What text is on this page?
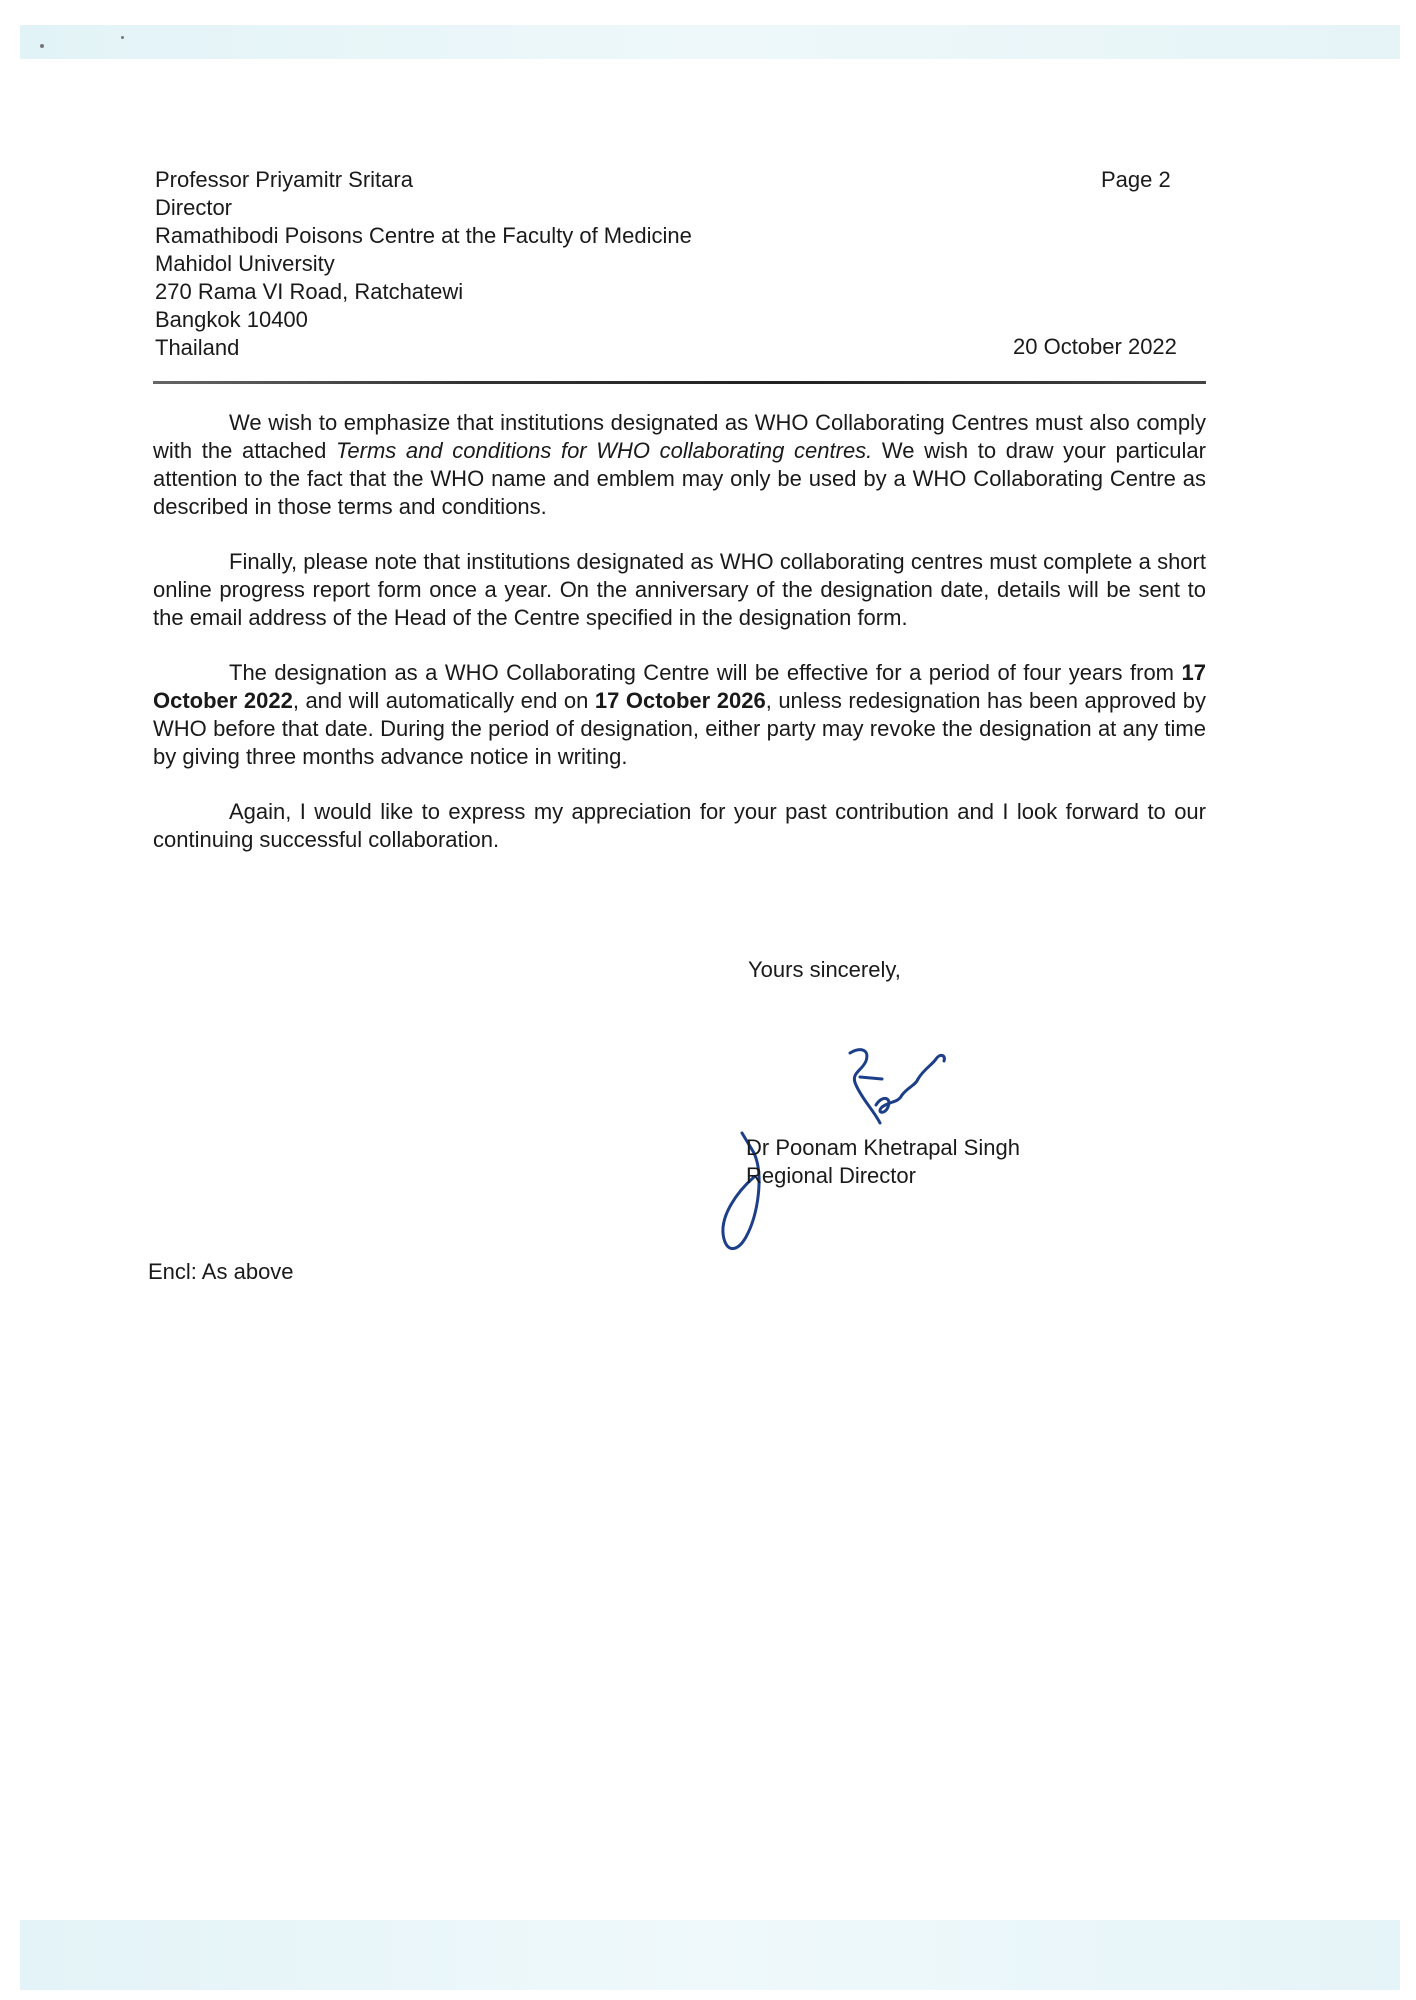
Professor Priyamitr Sritara
Director
Ramathibodi Poisons Centre at the Faculty of Medicine
Mahidol University
270 Rama VI Road, Ratchatewi
Bangkok 10400
Thailand
Page 2
20 October 2022

We wish to emphasize that institutions designated as WHO Collaborating Centres must also comply with the attached Terms and conditions for WHO collaborating centres. We wish to draw your particular attention to the fact that the WHO name and emblem may only be used by a WHO Collaborating Centre as described in those terms and conditions.

Finally, please note that institutions designated as WHO collaborating centres must complete a short online progress report form once a year. On the anniversary of the designation date, details will be sent to the email address of the Head of the Centre specified in the designation form.

The designation as a WHO Collaborating Centre will be effective for a period of four years from 17 October 2022, and will automatically end on 17 October 2026, unless redesignation has been approved by WHO before that date. During the period of designation, either party may revoke the designation at any time by giving three months advance notice in writing.

Again, I would like to express my appreciation for your past contribution and I look forward to our continuing successful collaboration.

Yours sincerely,
Dr Poonam Khetrapal Singh
Regional Director
Encl: As above
